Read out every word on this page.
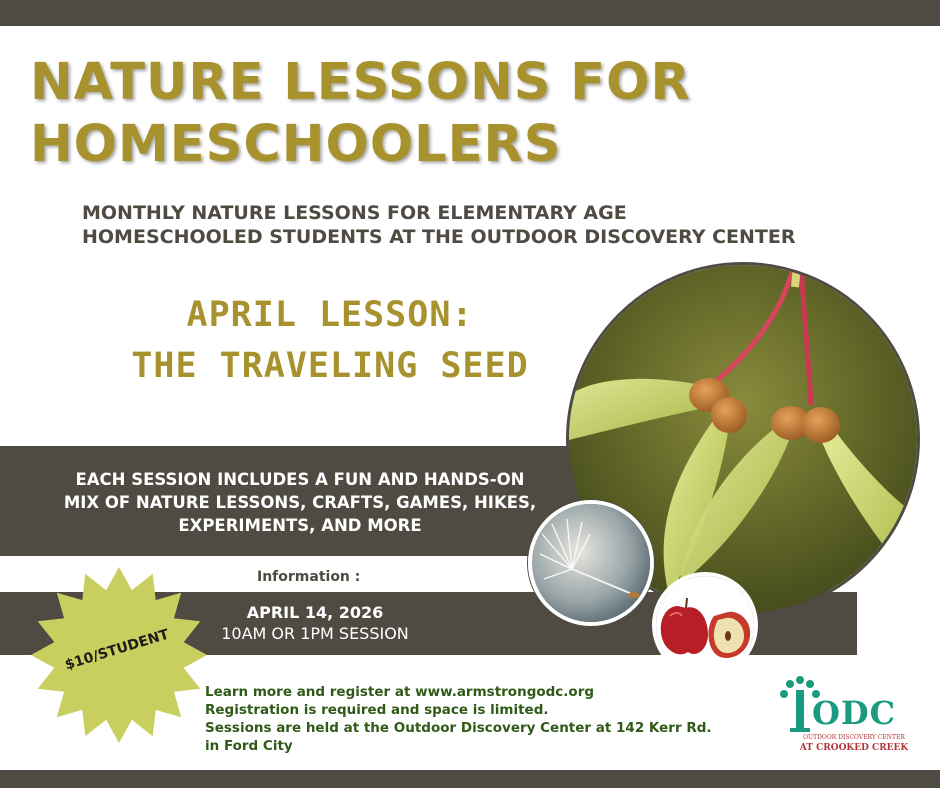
NATURE LESSONS FOR
HOMESCHOOLERS
MONTHLY NATURE LESSONS FOR ELEMENTARY AGE
HOMESCHOOLED STUDENTS AT THE OUTDOOR DISCOVERY CENTER
APRIL LESSON:
THE TRAVELING SEED
EACH SESSION INCLUDES A FUN AND HANDS-ON
MIX OF NATURE LESSONS, CRAFTS, GAMES, HIKES,
EXPERIMENTS, AND MORE
Information :
APRIL 14, 2026
10AM OR 1PM SESSION
$10/STUDENT
Learn more and register at www.armstrongodc.org
Registration is required and space is limited.
Sessions are held at the Outdoor Discovery Center at 142 Kerr Rd.
in Ford City
ODC
OUTDOOR DISCOVERY CENTER
AT CROOKED CREEK
